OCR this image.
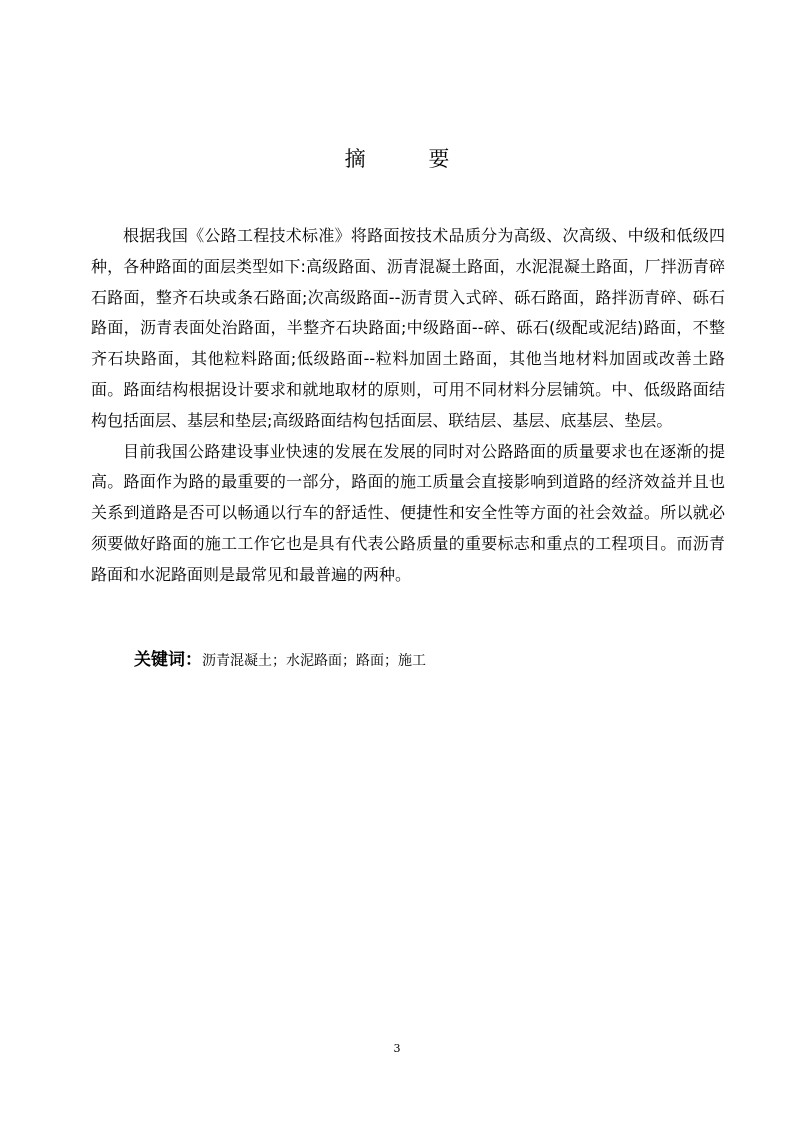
摘 要

根据我国《公路工程技术标准》将路面按技术品质分为高级、次高级、中级和低级四种，各种路面的面层类型如下:高级路面、沥青混凝土路面，水泥混凝土路面，厂拌沥青碎石路面，整齐石块或条石路面;次高级路面--沥青贯入式碎、砾石路面，路拌沥青碎、砾石路面，沥青表面处治路面，半整齐石块路面;中级路面--碎、砾石(级配或泥结)路面，不整齐石块路面，其他粒料路面;低级路面--粒料加固土路面，其他当地材料加固或改善土路面。路面结构根据设计要求和就地取材的原则，可用不同材料分层铺筑。中、低级路面结构包括面层、基层和垫层;高级路面结构包括面层、联结层、基层、底基层、垫层。

目前我国公路建设事业快速的发展在发展的同时对公路路面的质量要求也在逐渐的提高。路面作为路的最重要的一部分，路面的施工质量会直接影响到道路的经济效益并且也关系到道路是否可以畅通以行车的舒适性、便捷性和安全性等方面的社会效益。所以就必须要做好路面的施工工作它也是具有代表公路质量的重要标志和重点的工程项目。而沥青路面和水泥路面则是最常见和最普遍的两种。

关键词：沥青混凝土；水泥路面；路面；施工
3
